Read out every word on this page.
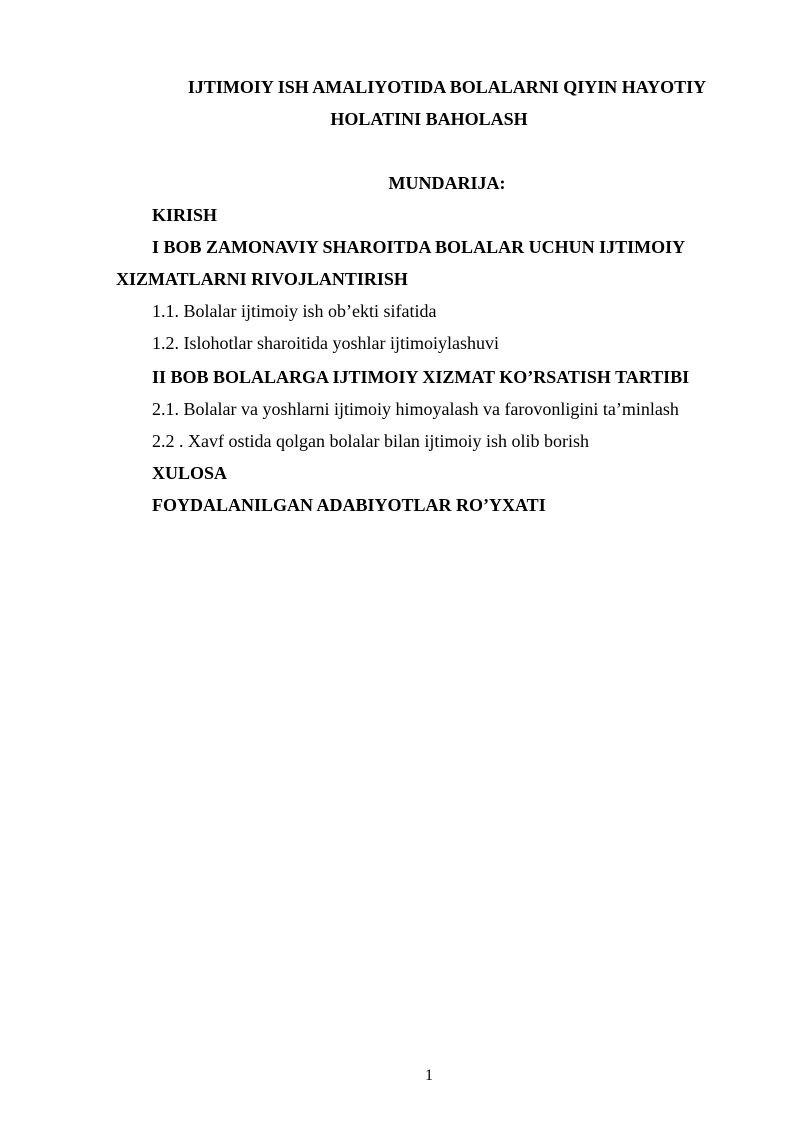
IJTIMOIY ISH AMALIYOTIDA BOLALARNI QIYIN HAYOTIY
HOLATINI BAHOLASH
MUNDARIJA:
KIRISH
I BOB ZAMONAVIY SHAROITDA BOLALAR UCHUN IJTIMOIY
XIZMATLARNI RIVOJLANTIRISH
1.1. Bolalar ijtimoiy ish ob’ekti sifatida
1.2. Islohotlar sharoitida yoshlar ijtimoiylashuvi
II BOB BOLALARGA IJTIMOIY XIZMAT KO’RSATISH TARTIBI
2.1. Bolalar va yoshlarni ijtimoiy himoyalash va farovonligini ta’minlash
2.2 . Xavf ostida qolgan bolalar bilan ijtimoiy ish olib borish
XULOSA
FOYDALANILGAN ADABIYOTLAR RO’YXATI
1
